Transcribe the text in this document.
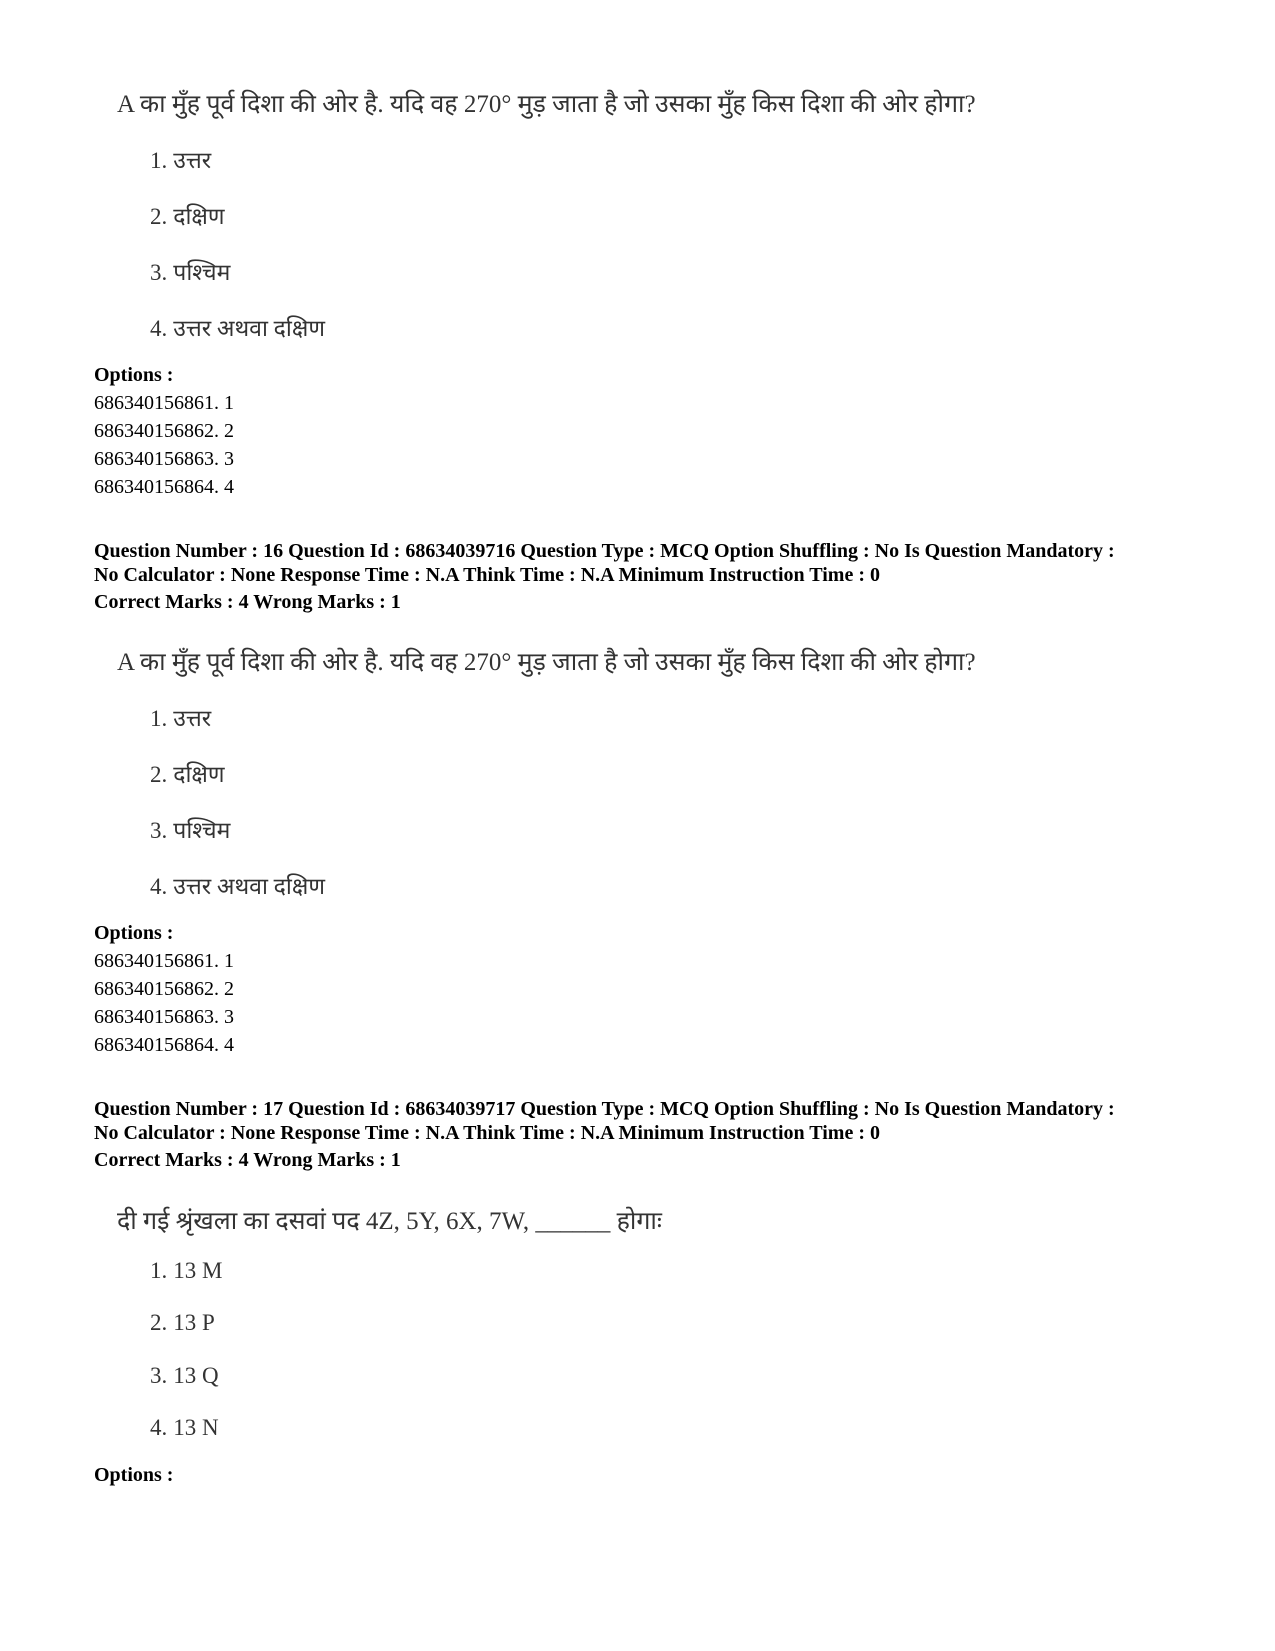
A का मुँह पूर्व दिशा की ओर है. यदि वह 270° मुड़ जाता है जो उसका मुँह किस दिशा की ओर होगा?
1. उत्तर
2. दक्षिण
3. पश्चिम
4. उत्तर अथवा दक्षिण
Options :
686340156861. 1
686340156862. 2
686340156863. 3
686340156864. 4
Question Number : 16 Question Id : 68634039716 Question Type : MCQ Option Shuffling : No Is Question Mandatory :
No Calculator : None Response Time : N.A Think Time : N.A Minimum Instruction Time : 0
Correct Marks : 4 Wrong Marks : 1
A का मुँह पूर्व दिशा की ओर है. यदि वह 270° मुड़ जाता है जो उसका मुँह किस दिशा की ओर होगा?
1. उत्तर
2. दक्षिण
3. पश्चिम
4. उत्तर अथवा दक्षिण
Options :
686340156861. 1
686340156862. 2
686340156863. 3
686340156864. 4
Question Number : 17 Question Id : 68634039717 Question Type : MCQ Option Shuffling : No Is Question Mandatory :
No Calculator : None Response Time : N.A Think Time : N.A Minimum Instruction Time : 0
Correct Marks : 4 Wrong Marks : 1
दी गई श्रृंखला का दसवां पद 4Z, 5Y, 6X, 7W, ______ होगाः
1. 13 M
2. 13 P
3. 13 Q
4. 13 N
Options :
